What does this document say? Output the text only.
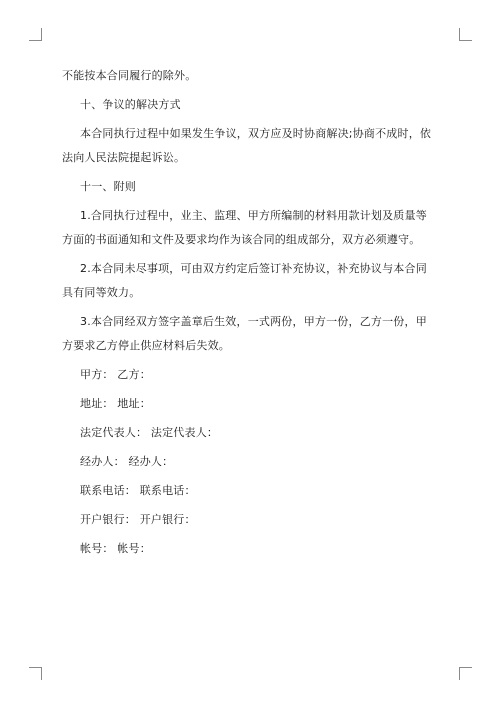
不能按本合同履行的除外。

十、争议的解决方式

本合同执行过程中如果发生争议，双方应及时协商解决;协商不成时，依法向人民法院提起诉讼。

十一、附则

1.合同执行过程中，业主、监理、甲方所编制的材料用款计划及质量等方面的书面通知和文件及要求均作为该合同的组成部分，双方必须遵守。

2.本合同未尽事项，可由双方约定后签订补充协议，补充协议与本合同具有同等效力。

3.本合同经双方签字盖章后生效，一式两份，甲方一份，乙方一份，甲方要求乙方停止供应材料后失效。

甲方： 乙方：

地址： 地址：

法定代表人： 法定代表人：

经办人： 经办人：

联系电话： 联系电话：

开户银行： 开户银行：

帐号： 帐号：
